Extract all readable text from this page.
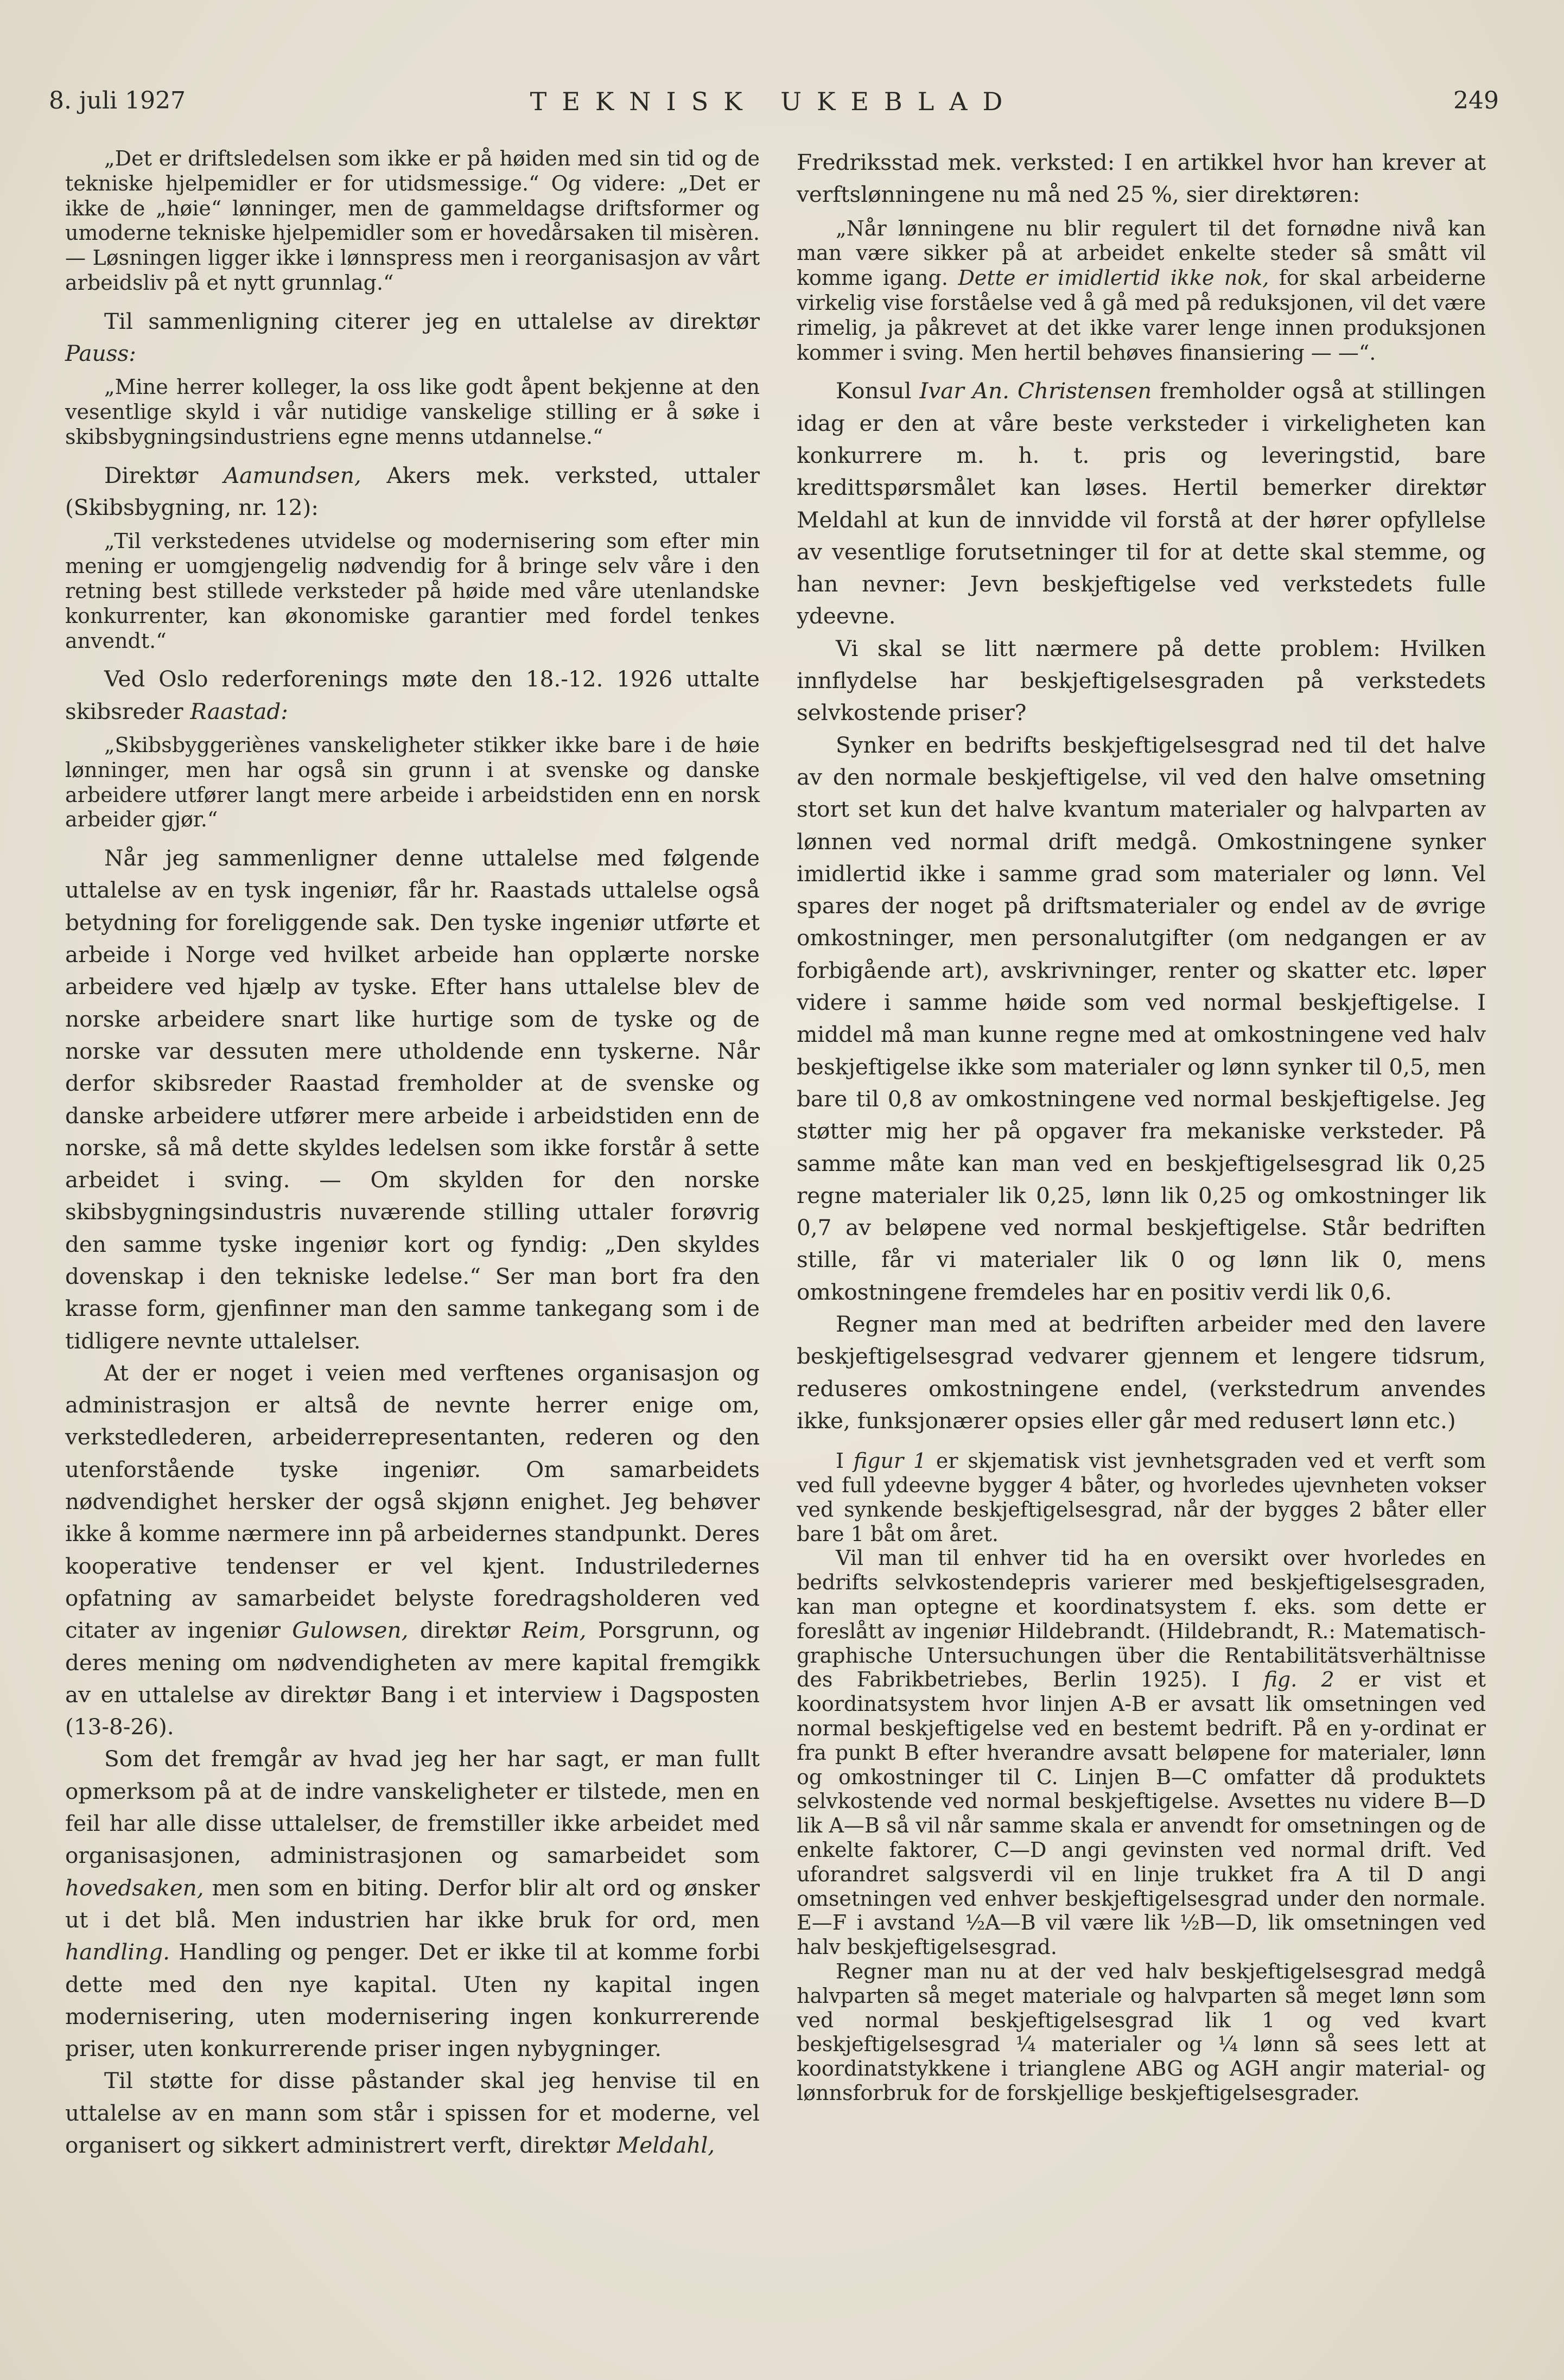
8. juli 1927	TEKNISK UKEBLAD	249

„Det er driftsledelsen som ikke er på høiden med sin tid og de tekniske hjelpemidler er for utidsmessige.“ Og videre: „Det er ikke de „høie“ lønninger, men de gammeldagse driftsformer og umoderne tekniske hjelpemidler som er hovedårsaken til misèren. — Løsningen ligger ikke i lønnspress men i reorganisasjon av vårt arbeidsliv på et nytt grunnlag.“

Til sammenligning citerer jeg en uttalelse av direktør Pauss:

„Mine herrer kolleger, la oss like godt åpent bekjenne at den vesentlige skyld i vår nutidige vanskelige stilling er å søke i skibsbygningsindustriens egne menns utdannelse.“

Direktør Aamundsen, Akers mek. verksted, uttaler (Skibsbygning, nr. 12):

„Til verkstedenes utvidelse og modernisering som efter min mening er uomgjengelig nødvendig for å bringe selv våre i den retning best stillede verksteder på høide med våre utenlandske konkurrenter, kan økonomiske garantier med fordel tenkes anvendt.“

Ved Oslo rederforenings møte den 18.-12. 1926 uttalte skibsreder Raastad:

„Skibsbyggeriènes vanskeligheter stikker ikke bare i de høie lønninger, men har også sin grunn i at svenske og danske arbeidere utfører langt mere arbeide i arbeidstiden enn en norsk arbeider gjør.“

Når jeg sammenligner denne uttalelse med følgende uttalelse av en tysk ingeniør, får hr. Raastads uttalelse også betydning for foreliggende sak. Den tyske ingeniør utførte et arbeide i Norge ved hvilket arbeide han opplærte norske arbeidere ved hjælp av tyske. Efter hans uttalelse blev de norske arbeidere snart like hurtige som de tyske og de norske var dessuten mere utholdende enn tyskerne. Når derfor skibsreder Raastad fremholder at de svenske og danske arbeidere utfører mere arbeide i arbeidstiden enn de norske, så må dette skyldes ledelsen som ikke forstår å sette arbeidet i sving. — Om skylden for den norske skibsbygningsindustris nuværende stilling uttaler forøvrig den samme tyske ingeniør kort og fyndig: „Den skyldes dovenskap i den tekniske ledelse.“ Ser man bort fra den krasse form, gjenfinner man den samme tankegang som i de tidligere nevnte uttalelser.

At der er noget i veien med verftenes organisasjon og administrasjon er altså de nevnte herrer enige om, verkstedlederen, arbeiderrepresentanten, rederen og den utenforstående tyske ingeniør. Om samarbeidets nødvendighet hersker der også skjønn enighet. Jeg behøver ikke å komme nærmere inn på arbeidernes standpunkt. Deres kooperative tendenser er vel kjent. Industriledernes opfatning av samarbeidet belyste foredragsholderen ved citater av ingeniør Gulowsen, direktør Reim, Porsgrunn, og deres mening om nødvendigheten av mere kapital fremgikk av en uttalelse av direktør Bang i et interview i Dagsposten (13-8-26).

Som det fremgår av hvad jeg her har sagt, er man fullt opmerksom på at de indre vanskeligheter er tilstede, men en feil har alle disse uttalelser, de fremstiller ikke arbeidet med organisasjonen, administrasjonen og samarbeidet som hovedsaken, men som en biting. Derfor blir alt ord og ønsker ut i det blå. Men industrien har ikke bruk for ord, men handling. Handling og penger. Det er ikke til at komme forbi dette med den nye kapital. Uten ny kapital ingen modernisering, uten modernisering ingen konkurrerende priser, uten konkurrerende priser ingen nybygninger.

Til støtte for disse påstander skal jeg henvise til en uttalelse av en mann som står i spissen for et moderne, vel organisert og sikkert administrert verft, direktør Meldahl,

Fredriksstad mek. verksted: I en artikkel hvor han krever at verftslønningene nu må ned 25 %, sier direktøren:

„Når lønningene nu blir regulert til det fornødne nivå kan man være sikker på at arbeidet enkelte steder så smått vil komme igang. Dette er imidlertid ikke nok, for skal arbeiderne virkelig vise forståelse ved å gå med på reduksjonen, vil det være rimelig, ja påkrevet at det ikke varer lenge innen produksjonen kommer i sving. Men hertil behøves finansiering — —“.

Konsul Ivar An. Christensen fremholder også at stillingen idag er den at våre beste verksteder i virkeligheten kan konkurrere m. h. t. pris og leveringstid, bare kredittspørsmålet kan løses. Hertil bemerker direktør Meldahl at kun de innvidde vil forstå at der hører opfyllelse av vesentlige forutsetninger til for at dette skal stemme, og han nevner: Jevn beskjeftigelse ved verkstedets fulle ydeevne.

Vi skal se litt nærmere på dette problem: Hvilken innflydelse har beskjeftigelsesgraden på verkstedets selvkostende priser?

Synker en bedrifts beskjeftigelsesgrad ned til det halve av den normale beskjeftigelse, vil ved den halve omsetning stort set kun det halve kvantum materialer og halvparten av lønnen ved normal drift medgå. Omkostningene synker imidlertid ikke i samme grad som materialer og lønn. Vel spares der noget på driftsmaterialer og endel av de øvrige omkostninger, men personalutgifter (om nedgangen er av forbigående art), avskrivninger, renter og skatter etc. løper videre i samme høide som ved normal beskjeftigelse. I middel må man kunne regne med at omkostningene ved halv beskjeftigelse ikke som materialer og lønn synker til 0,5, men bare til 0,8 av omkostningene ved normal beskjeftigelse. Jeg støtter mig her på opgaver fra mekaniske verksteder. På samme måte kan man ved en beskjeftigelsesgrad lik 0,25 regne materialer lik 0,25, lønn lik 0,25 og omkostninger lik 0,7 av beløpene ved normal beskjeftigelse. Står bedriften stille, får vi materialer lik 0 og lønn lik 0, mens omkostningene fremdeles har en positiv verdi lik 0,6.

Regner man med at bedriften arbeider med den lavere beskjeftigelsesgrad vedvarer gjennem et lengere tidsrum, reduseres omkostningene endel, (verkstedrum anvendes ikke, funksjonærer opsies eller går med redusert lønn etc.)

I figur 1 er skjematisk vist jevnhetsgraden ved et verft som ved full ydeevne bygger 4 båter, og hvorledes ujevnheten vokser ved synkende beskjeftigelsesgrad, når der bygges 2 båter eller bare 1 båt om året.

Vil man til enhver tid ha en oversikt over hvorledes en bedrifts selvkostendepris varierer med beskjeftigelsesgraden, kan man optegne et koordinatsystem f. eks. som dette er foreslått av ingeniør Hildebrandt. (Hildebrandt, R.: Matematisch-graphische Untersuchungen über die Rentabilitätsverhältnisse des Fabrikbetriebes, Berlin 1925). I fig. 2 er vist et koordinatsystem hvor linjen A-B er avsatt lik omsetningen ved normal beskjeftigelse ved en bestemt bedrift. På en y-ordinat er fra punkt B efter hverandre avsatt beløpene for materialer, lønn og omkostninger til C. Linjen B—C omfatter då produktets selvkostende ved normal beskjeftigelse. Avsettes nu videre B—D lik A—B så vil når samme skala er anvendt for omsetningen og de enkelte faktorer, C—D angi gevinsten ved normal drift. Ved uforandret salgsverdi vil en linje trukket fra A til D angi omsetningen ved enhver beskjeftigelsesgrad under den normale. E—F i avstand ½A—B vil være lik ½B—D, lik omsetningen ved halv beskjeftigelsesgrad.

Regner man nu at der ved halv beskjeftigelsesgrad medgå halvparten så meget materiale og halvparten så meget lønn som ved normal beskjeftigelsesgrad lik 1 og ved kvart beskjeftigelsesgrad ¼ materialer og ¼ lønn så sees lett at koordinatstykkene i trianglene ABG og AGH angir material- og lønnsforbruk for de forskjellige beskjeftigelsesgrader.
